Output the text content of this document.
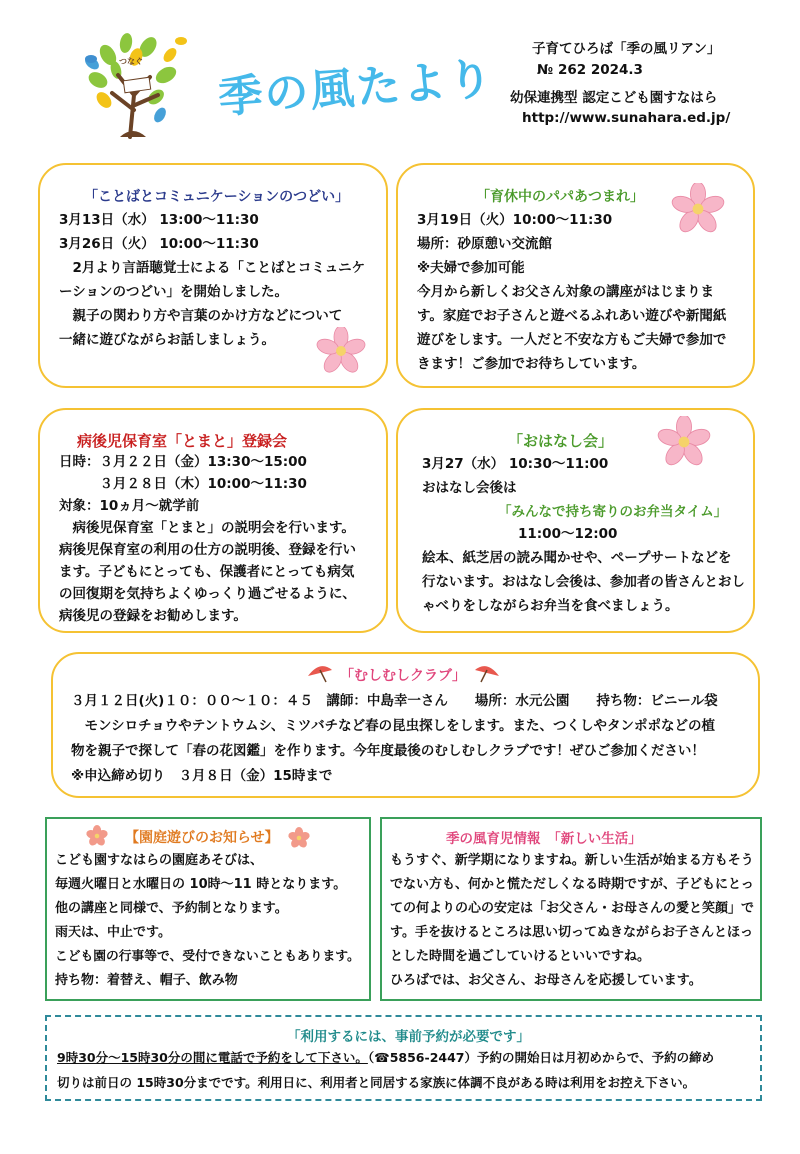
つなぐ 季の風たより
子育てひろば「季の風リアン」
№ 262 2024.3
幼保連携型 認定こども園すなはら
http://www.sunahara.ed.jp/
「ことばとコミュニケーションのつどい」
3月13日（水） 13:00～11:30
3月26日（火） 10:00～11:30
　2月より言語聴覚士による「ことばとコミュニケ
ーションのつどい」を開始しました。
　親子の関わり方や言葉のかけ方などについて
一緒に遊びながらお話しましょう。
「育休中のパパあつまれ」
3月19日（火）10:00～11:30
場所：砂原憩い交流館
※夫婦で参加可能
今月から新しくお父さん対象の講座がはじまりま
す。家庭でお子さんと遊べるふれあい遊びや新聞紙
遊びをします。一人だと不安な方もご夫婦で参加で
きます！ご参加でお待ちしています。
病後児保育室「とまと」登録会
日時：３月２２日（金）13:30～15:00
　　　３月２８日（木）10:00～11:30
対象：10ヵ月～就学前
　病後児保育室「とまと」の説明会を行います。
病後児保育室の利用の仕方の説明後、登録を行い
ます。子どもにとっても、保護者にとっても病気
の回復期を気持ちよくゆっくり過ごせるように、
病後児の登録をお勧めします。
「おはなし会」
3月27（水） 10:30～11:00
おはなし会後は
「みんなで持ち寄りのお弁当タイム」
11:00～12:00
絵本、紙芝居の読み聞かせや、ペープサートなどを
行ないます。おはなし会後は、参加者の皆さんとおし
ゃべりをしながらお弁当を食べましょう。
「むしむしクラブ」
３月１２日(火)１０：００～１０：４５　講師：中島幸一さん　　場所：水元公園　　持ち物：ビニール袋
　モンシロチョウやテントウムシ、ミツバチなど春の昆虫探しをします。また、つくしやタンポポなどの植
物を親子で探して「春の花図鑑」を作ります。今年度最後のむしむしクラブです！ぜひご参加ください！
※申込締め切り　３月８日（金）15時まで
【園庭遊びのお知らせ】
こども園すなはらの園庭あそびは、
毎週火曜日と水曜日の 10時～11 時となります。
他の講座と同様で、予約制となります。
雨天は、中止です。
こども園の行事等で、受付できないこともあります。
持ち物：着替え、帽子、飲み物
季の風育児情報　「新しい生活」
もうすぐ、新学期になりますね。新しい生活が始まる方もそう
でない方も、何かと慌ただしくなる時期ですが、子どもにとっ
ての何よりの心の安定は「お父さん・お母さんの愛と笑顔」で
す。手を抜けるところは思い切ってぬきながらお子さんとほっ
とした時間を過ごしていけるといいですね。
ひろばでは、お父さん、お母さんを応援しています。
「利用するには、事前予約が必要です」
9時30分～15時30分の間に電話で予約をして下さい。（☎5856-2447）予約の開始日は月初めからで、予約の締め
切りは前日の 15時30分までです。利用日に、利用者と同居する家族に体調不良がある時は利用をお控え下さい。
